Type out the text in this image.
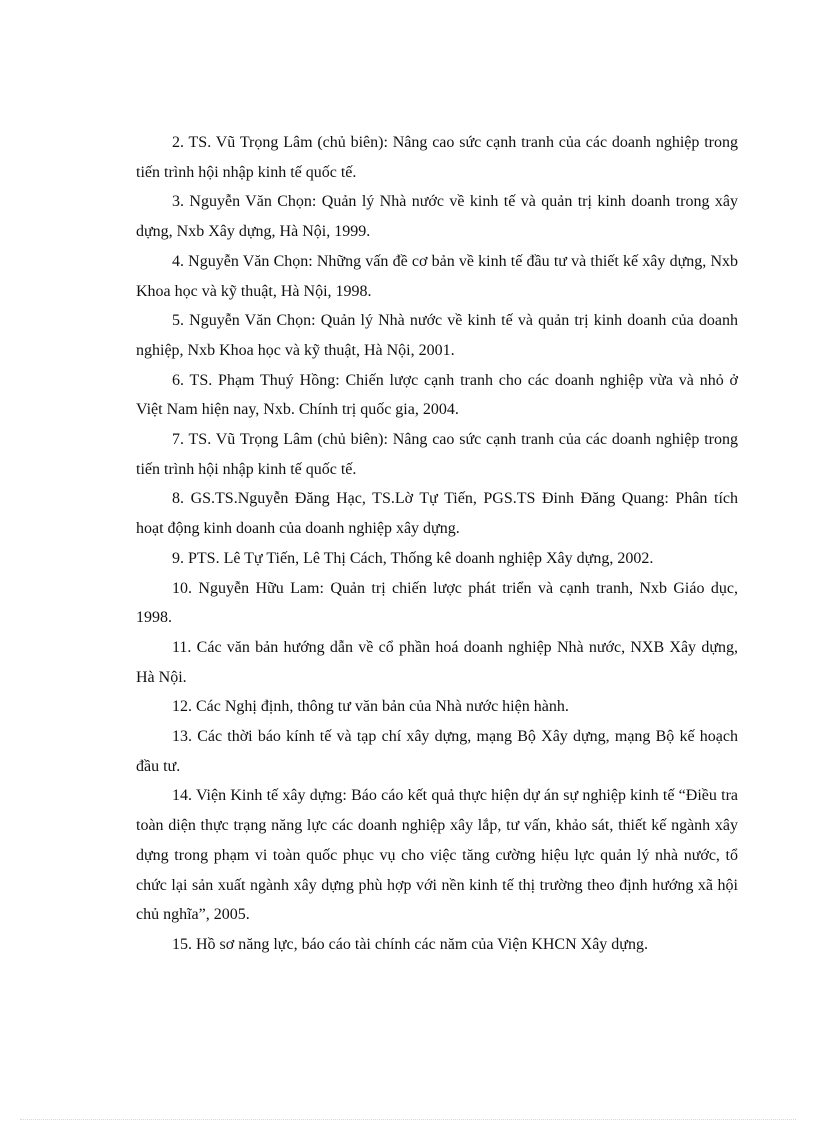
2. TS. Vũ Trọng Lâm (chủ biên): Nâng cao sức cạnh tranh của các doanh nghiệp trong tiến trình hội nhập kinh tế quốc tế.

3. Nguyễn Văn Chọn: Quản lý Nhà nước về kinh tế và quản trị kinh doanh trong xây dựng, Nxb Xây dựng, Hà Nội, 1999.

4. Nguyễn Văn Chọn: Những vấn đề cơ bản về kinh tế đầu tư và thiết kế xây dựng, Nxb Khoa học và kỹ thuật, Hà Nội, 1998.

5. Nguyễn Văn Chọn: Quản lý Nhà nước về kinh tế và quản trị kinh doanh của doanh nghiệp, Nxb Khoa học và kỹ thuật, Hà Nội, 2001.

6. TS. Phạm Thuý Hồng: Chiến lược cạnh tranh cho các doanh nghiệp vừa và nhỏ ở Việt Nam hiện nay, Nxb. Chính trị quốc gia, 2004.

7. TS. Vũ Trọng Lâm (chủ biên): Nâng cao sức cạnh tranh của các doanh nghiệp trong tiến trình hội nhập kinh tế quốc tế.

8. GS.TS.Nguyễn Đăng Hạc, TS.Lờ Tự Tiến, PGS.TS Đinh Đăng Quang: Phân tích hoạt động kinh doanh của doanh nghiệp xây dựng.

9. PTS. Lê Tự Tiến, Lê Thị Cách, Thống kê doanh nghiệp Xây dựng, 2002.

10. Nguyễn Hữu Lam: Quản trị chiến lược phát triển và cạnh tranh, Nxb Giáo dục, 1998.

11. Các văn bản hướng dẫn về cổ phần hoá doanh nghiệp Nhà nước, NXB Xây dựng, Hà Nội.

12. Các Nghị định, thông tư văn bản của Nhà nước hiện hành.

13. Các thời báo kính tế và tạp chí xây dựng, mạng Bộ Xây dựng, mạng Bộ kế hoạch đầu tư.

14. Viện Kinh tế xây dựng: Báo cáo kết quả thực hiện dự án sự nghiệp kinh tế “Điều tra toàn diện thực trạng năng lực các doanh nghiệp xây lắp, tư vấn, khảo sát, thiết kế ngành xây dựng trong phạm vi toàn quốc phục vụ cho việc tăng cường hiệu lực quản lý nhà nước, tổ chức lại sản xuất ngành xây dựng phù hợp với nền kinh tế thị trường theo định hướng xã hội chủ nghĩa”, 2005.

15. Hồ sơ năng lực, báo cáo tài chính các năm của Viện KHCN Xây dựng.
